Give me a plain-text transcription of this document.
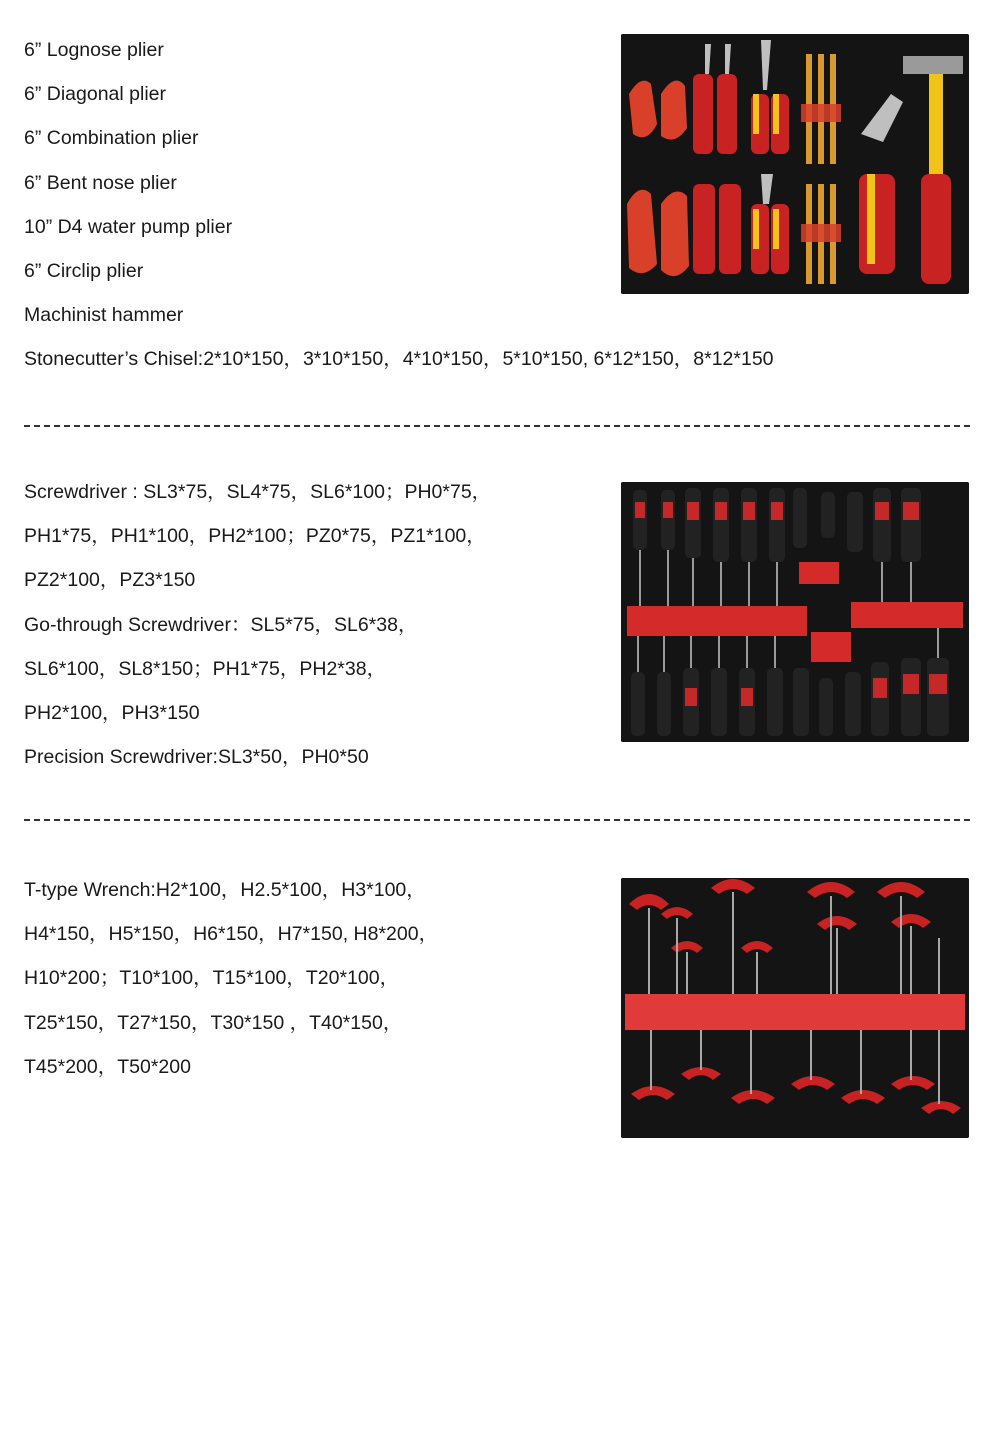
6” Lognose plier
6” Diagonal plier
6” Combination plier
6” Bent nose plier
10” D4 water pump plier
6” Circlip plier
Machinist hammer
Stonecutter’s Chisel:2*10*150，3*10*150，4*10*150，5*10*150, 6*12*150，8*12*150
Screwdriver : SL3*75，SL4*75，SL6*100；PH0*75，
PH1*75，PH1*100，PH2*100；PZ0*75，PZ1*100，
PZ2*100，PZ3*150
Go-through Screwdriver：SL5*75，SL6*38，
SL6*100，SL8*150；PH1*75，PH2*38，
PH2*100，PH3*150
Precision Screwdriver:SL3*50，PH0*50
T-type Wrench:H2*100，H2.5*100，H3*100，
H4*150，H5*150，H6*150，H7*150, H8*200，
H10*200；T10*100，T15*100，T20*100，
T25*150，T27*150，T30*150 ，T40*150，
T45*200，T50*200
